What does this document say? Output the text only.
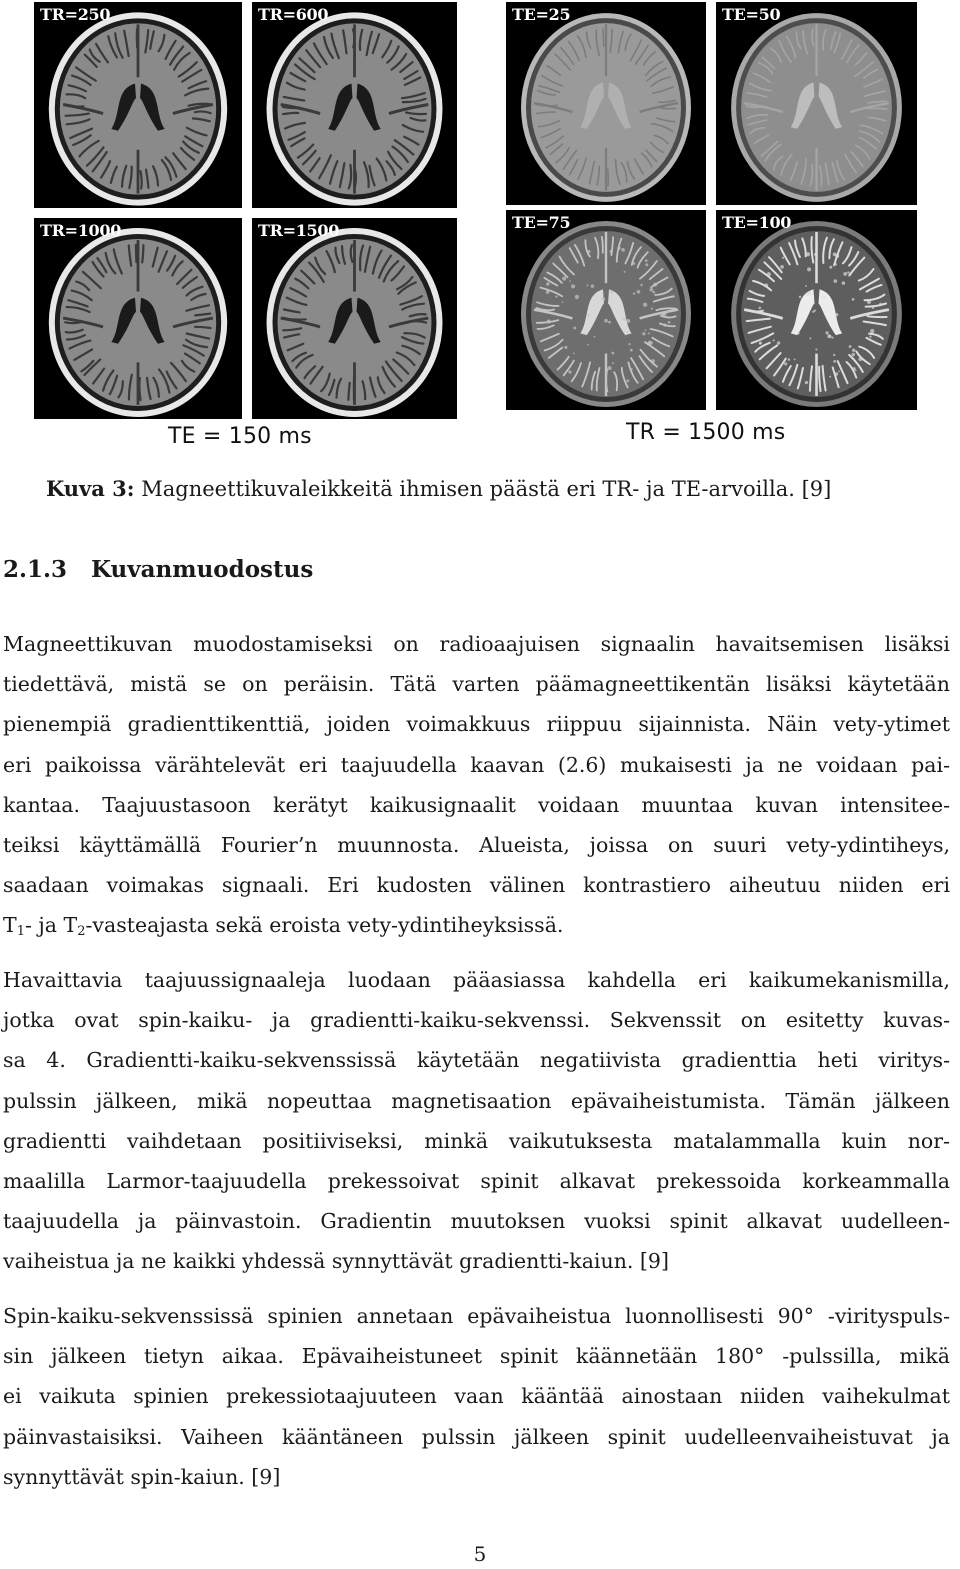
TR=250	TR=600
TR=1000	TR=1500
TE = 150 ms
TE=25	TE=50
TE=75	TE=100
TR = 1500 ms
Kuva 3: Magneettikuvaleikkeitä ihmisen päästä eri TR- ja TE-arvoilla. [9]
2.1.3 Kuvanmuodostus
Magneettikuvan muodostamiseksi on radioaajuisen signaalin havaitsemisen lisäksi
tiedettävä, mistä se on peräisin. Tätä varten päämagneettikentän lisäksi käytetään
pienempiä gradienttikenttiä, joiden voimakkuus riippuu sijainnista. Näin vety-ytimet
eri paikoissa värähtelevät eri taajuudella kaavan (2.6) mukaisesti ja ne voidaan pai-
kantaa. Taajuustasoon kerätyt kaikusignaalit voidaan muuntaa kuvan intensitee-
teiksi käyttämällä Fourier’n muunnosta. Alueista, joissa on suuri vety-ydintiheys,
saadaan voimakas signaali. Eri kudosten välinen kontrastiero aiheutuu niiden eri
$T_1-$ ja $T_2$-vasteajasta sekä eroista vety-ydintiheyksissä.
Havaittavia taajuussignaaleja luodaan pääasiassa kahdella eri kaikumekanismilla,
jotka ovat spin-kaiku- ja gradientti-kaiku-sekvenssi. Sekvenssit on esitetty kuvas-
sa 4. Gradientti-kaiku-sekvenssissä käytetään negatiivista gradienttia heti viritys-
pulssin jälkeen, mikä nopeuttaa magnetisaation epävaiheistumista. Tämän jälkeen
gradientti vaihdetaan positiiviseksi, minkä vaikutuksesta matalammalla kuin nor-
maalilla Larmor-taajuudella prekessoivat spinit alkavat prekessoida korkeammalla
taajuudella ja päinvastoin. Gradientin muutoksen vuoksi spinit alkavat uudelleen-
vaiheistua ja ne kaikki yhdessä synnyttävät gradientti-kaiun. [9]
Spin-kaiku-sekvenssissä spinien annetaan epävaiheistua luonnollisesti 90° -virityspuls-
sin jälkeen tietyn aikaa. Epävaiheistuneet spinit käännetään 180° -pulssilla, mikä
ei vaikuta spinien prekessiotaajuuteen vaan kääntää ainostaan niiden vaihekulmat
päinvastaisiksi. Vaiheen kääntäneen pulssin jälkeen spinit uudelleenvaiheistuvat ja
synnyttävät spin-kaiun. [9]
5
